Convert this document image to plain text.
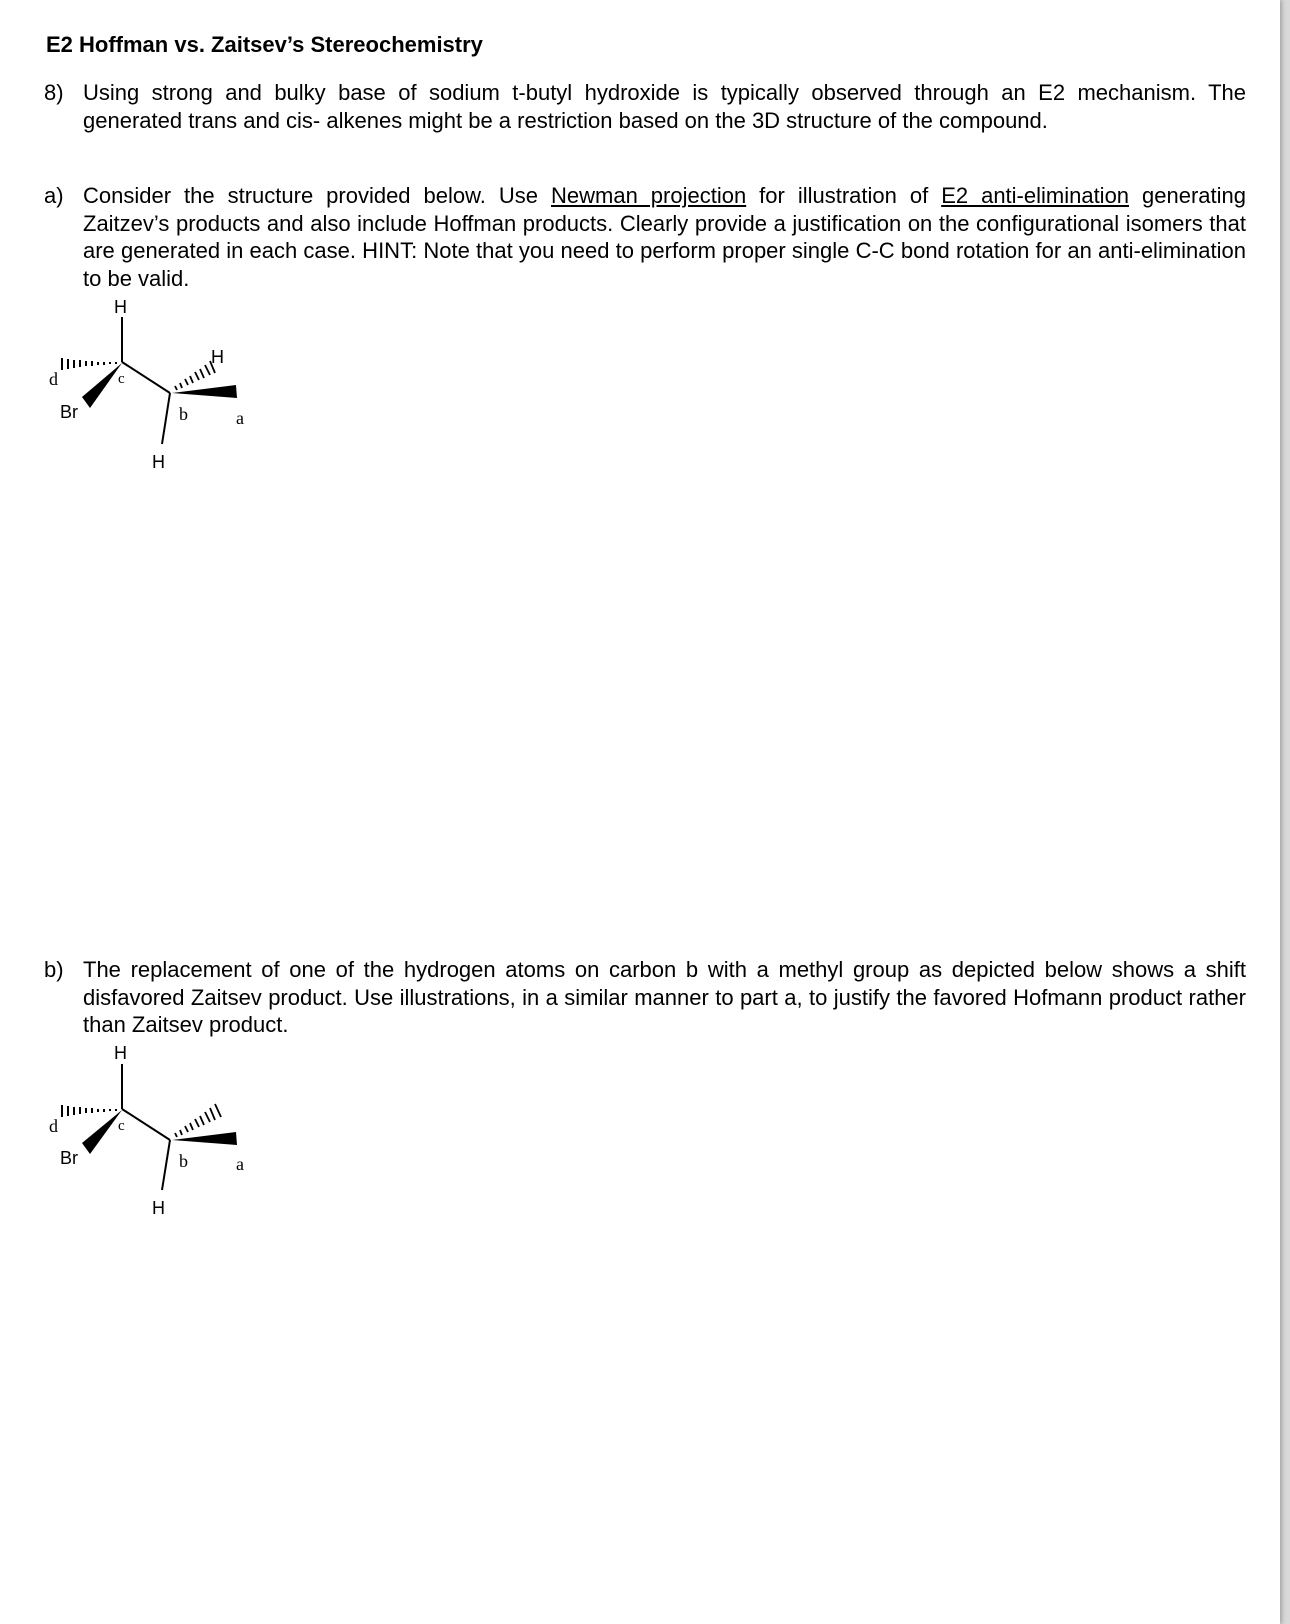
E2 Hoffman vs. Zaitsev’s Stereochemistry
8) Using strong and bulky base of sodium t-butyl hydroxide is typically observed through an E2 mechanism. The generated trans and cis- alkenes might be a restriction based on the 3D structure of the compound.
a) Consider the structure provided below. Use Newman projection for illustration of E2 anti-elimination generating Zaitzev’s products and also include Hoffman products. Clearly provide a justification on the configurational isomers that are generated in each case. HINT: Note that you need to perform proper single C-C bond rotation for an anti-elimination to be valid.
H
H
H
Br	a
b
c
d
b) The replacement of one of the hydrogen atoms on carbon b with a methyl group as depicted below shows a shift disfavored Zaitsev product. Use illustrations, in a similar manner to part a, to justify the favored Hofmann product rather than Zaitsev product.
H
H
Br	a
b
c
d
